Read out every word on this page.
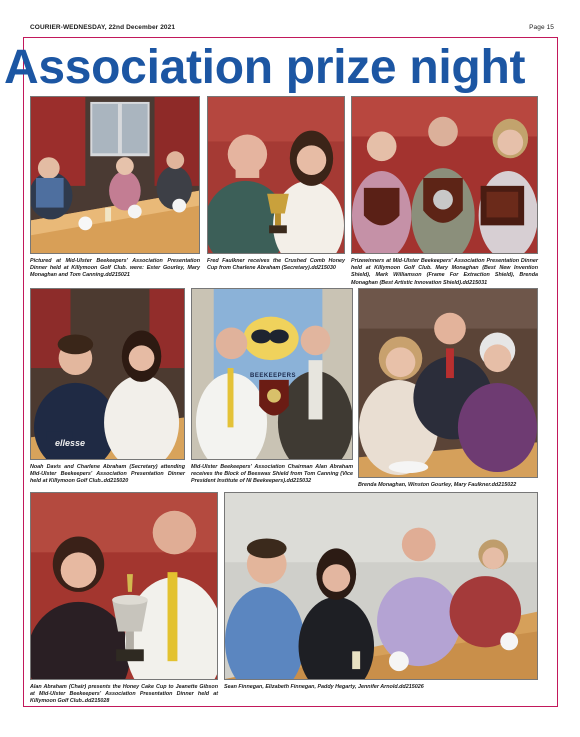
COURIER-WEDNESDAY, 22nd December 2021	Page 15
Association prize night
Pictured at Mid-Ulster Beekeepers' Association Presentation Dinner held at Killymoon Golf Club. were: Ester Gourley, Mary Monaghan and Tom Canning.dd215021
Fred Faulkner receives the Crushed Comb Honey Cup from Charlene Abraham (Secretary).dd215030
Prizewinners at Mid-Ulster Beekeepers' Association Presentation Dinner held at Killymoon Golf Club. Mary Monaghan (Best New Invention Shield), Mark Williamson (Frame For Extraction Shield), Brenda Monaghan (Best Artistic Innovation Shield).dd215031
ellesse
Noah Davis and Charlene Abraham (Secretary) attending Mid-Ulster Beekeepers' Association Presentation Dinner held at Killymoon Golf Club..dd215020
BEEKEEPERS
Mid-Ulster Beekeepers' Association Chairman Alan Abraham receives the Block of Beeswax Shield from Tom Canning (Vice President Institute of NI Beekeepers).dd215032
Brenda Monaghan, Winston Gourley, Mary Faulkner.dd215022
Alan Abraham (Chair) presents the Honey Cake Cup to Jeanette Gibson at Mid-Ulster Beekeepers' Association Presentation Dinner held at Killymoon Golf Club..dd215028
Sean Finnegan, Elizabeth Finnegan, Paddy Hegarty, Jennifer Arnold.dd215026
